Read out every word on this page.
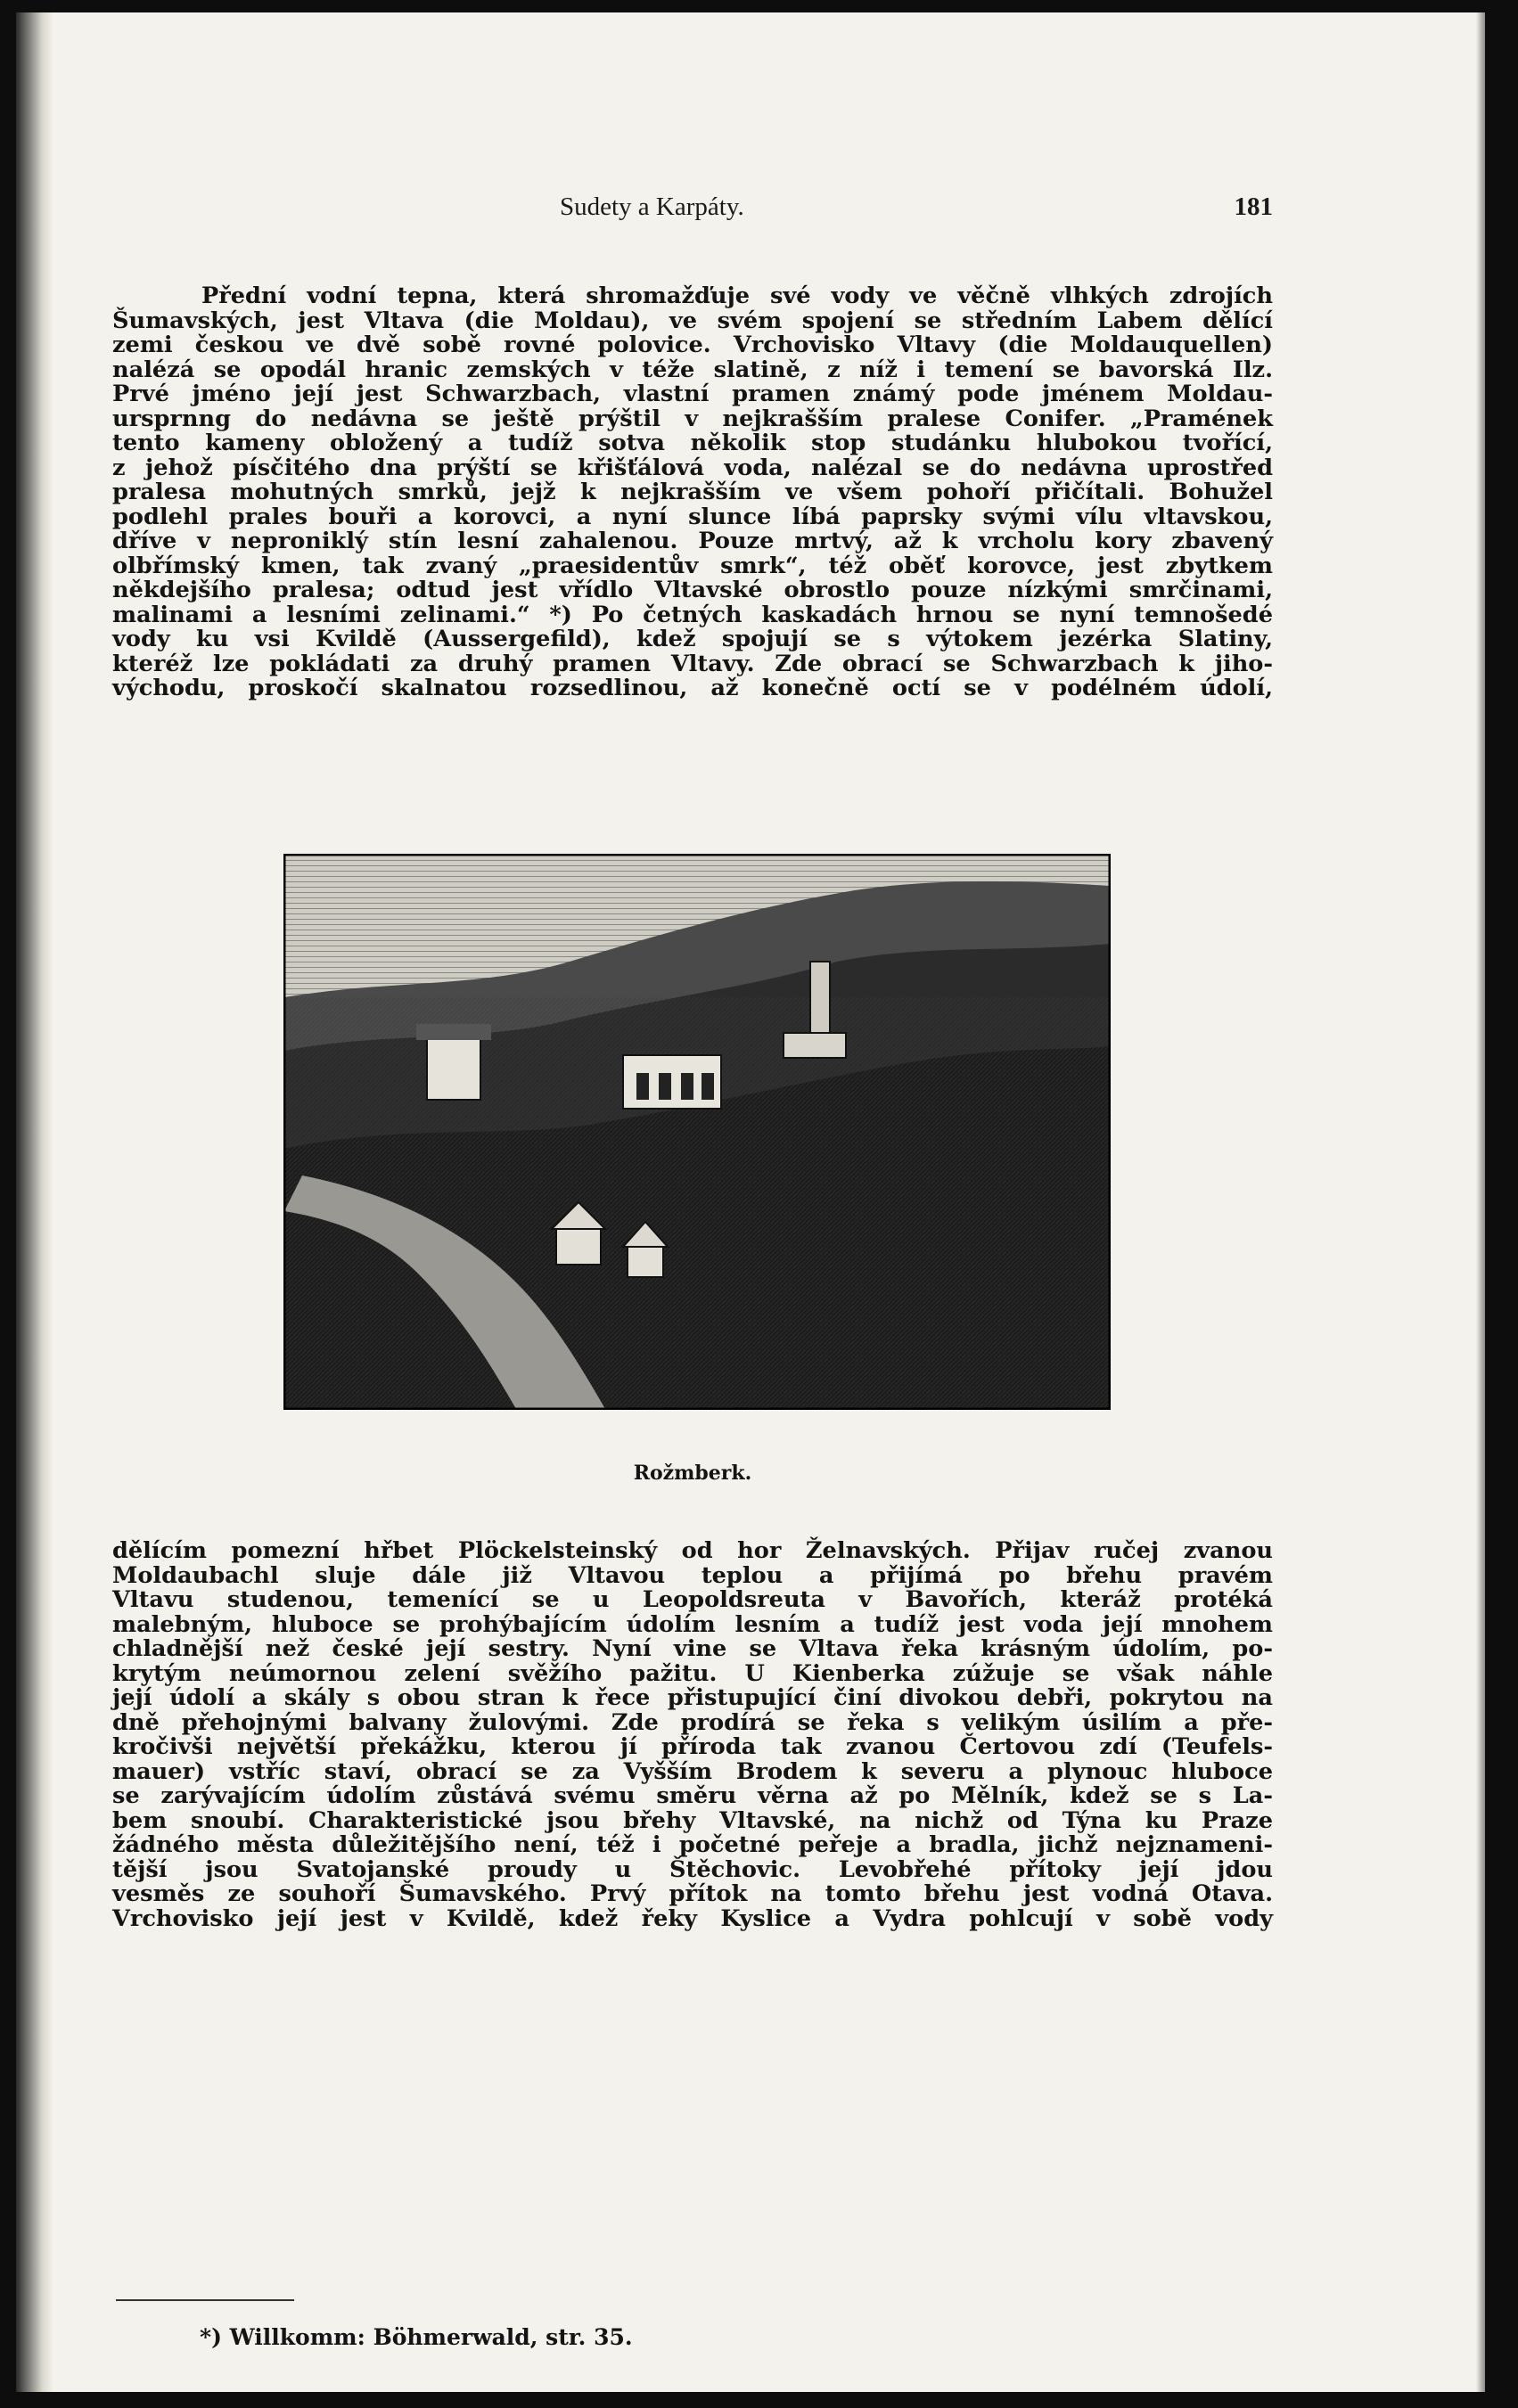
Sudety a Karpáty.	181
Přední vodní tepna, která shromažďuje své vody ve věčně vlhkých zdrojích
Šumavských, jest Vltava (die Moldau), ve svém spojení se středním Labem dělící
zemi českou ve dvě sobě rovné polovice. Vrchovisko Vltavy (die Moldauquellen)
nalézá se opodál hranic zemských v téže slatině, z níž i temení se bavorská Ilz.
Prvé jméno její jest Schwarzbach, vlastní pramen známý pode jménem Moldau-
ursprnng do nedávna se ještě prýštil v nejkrašším pralese Conifer. „Pramének
tento kameny obložený a tudíž sotva několik stop studánku hlubokou tvořící,
z jehož písčitého dna prýští se křišťálová voda, nalézal se do nedávna uprostřed
pralesa mohutných smrků, jejž k nejkrašším ve všem pohoří přičítali. Bohužel
podlehl prales bouři a korovci, a nyní slunce líbá paprsky svými vílu vltavskou,
dříve v neproniklý stín lesní zahalenou. Pouze mrtvý, až k vrcholu kory zbavený
olbřímský kmen, tak zvaný „praesidentův smrk“, též oběť korovce, jest zbytkem
někdejšího pralesa; odtud jest vřídlo Vltavské obrostlo pouze nízkými smrčinami,
malinami a lesními zelinami.“ *) Po četných kaskadách hrnou se nyní temnošedé
vody ku vsi Kvildě (Aussergefild), kdež spojují se s výtokem jezérka Slatiny,
kteréž lze pokládati za druhý pramen Vltavy. Zde obrací se Schwarzbach k jiho-
východu, proskočí skalnatou rozsedlinou, až konečně octí se v podélném údolí,
Rožmberk.
dělícím pomezní hřbet Plöckelsteinský od hor Želnavských. Přijav ručej zvanou
Moldaubachl sluje dále již Vltavou teplou a přijímá po břehu pravém
Vltavu studenou, temenící se u Leopoldsreuta v Bavořích, kteráž protéká
malebným, hluboce se prohýbajícím údolím lesním a tudíž jest voda její mnohem
chladnější než české její sestry. Nyní vine se Vltava řeka krásným údolím, po-
krytým neúmornou zelení svěžího pažitu. U Kienberka zúžuje se však náhle
její údolí a skály s obou stran k řece přistupující činí divokou debři, pokrytou na
dně přehojnými balvany žulovými. Zde prodírá se řeka s velikým úsilím a pře-
kročivši největší překážku, kterou jí příroda tak zvanou Čertovou zdí (Teufels-
mauer) vstříc staví, obrací se za Vyšším Brodem k severu a plynouc hluboce
se zarývajícím údolím zůstává svému směru věrna až po Mělník, kdež se s La-
bem snoubí. Charakteristické jsou břehy Vltavské, na nichž od Týna ku Praze
žádného města důležitějšího není, též i početné peřeje a bradla, jichž nejznameni-
tější jsou Svatojanské proudy u Štěchovic. Levobřehé přítoky její jdou
vesměs ze souhoří Šumavského. Prvý přítok na tomto břehu jest vodná Otava.
Vrchovisko její jest v Kvildě, kdež řeky Kyslice a Vydra pohlcují v sobě vody
*) Willkomm: Böhmerwald, str. 35.
